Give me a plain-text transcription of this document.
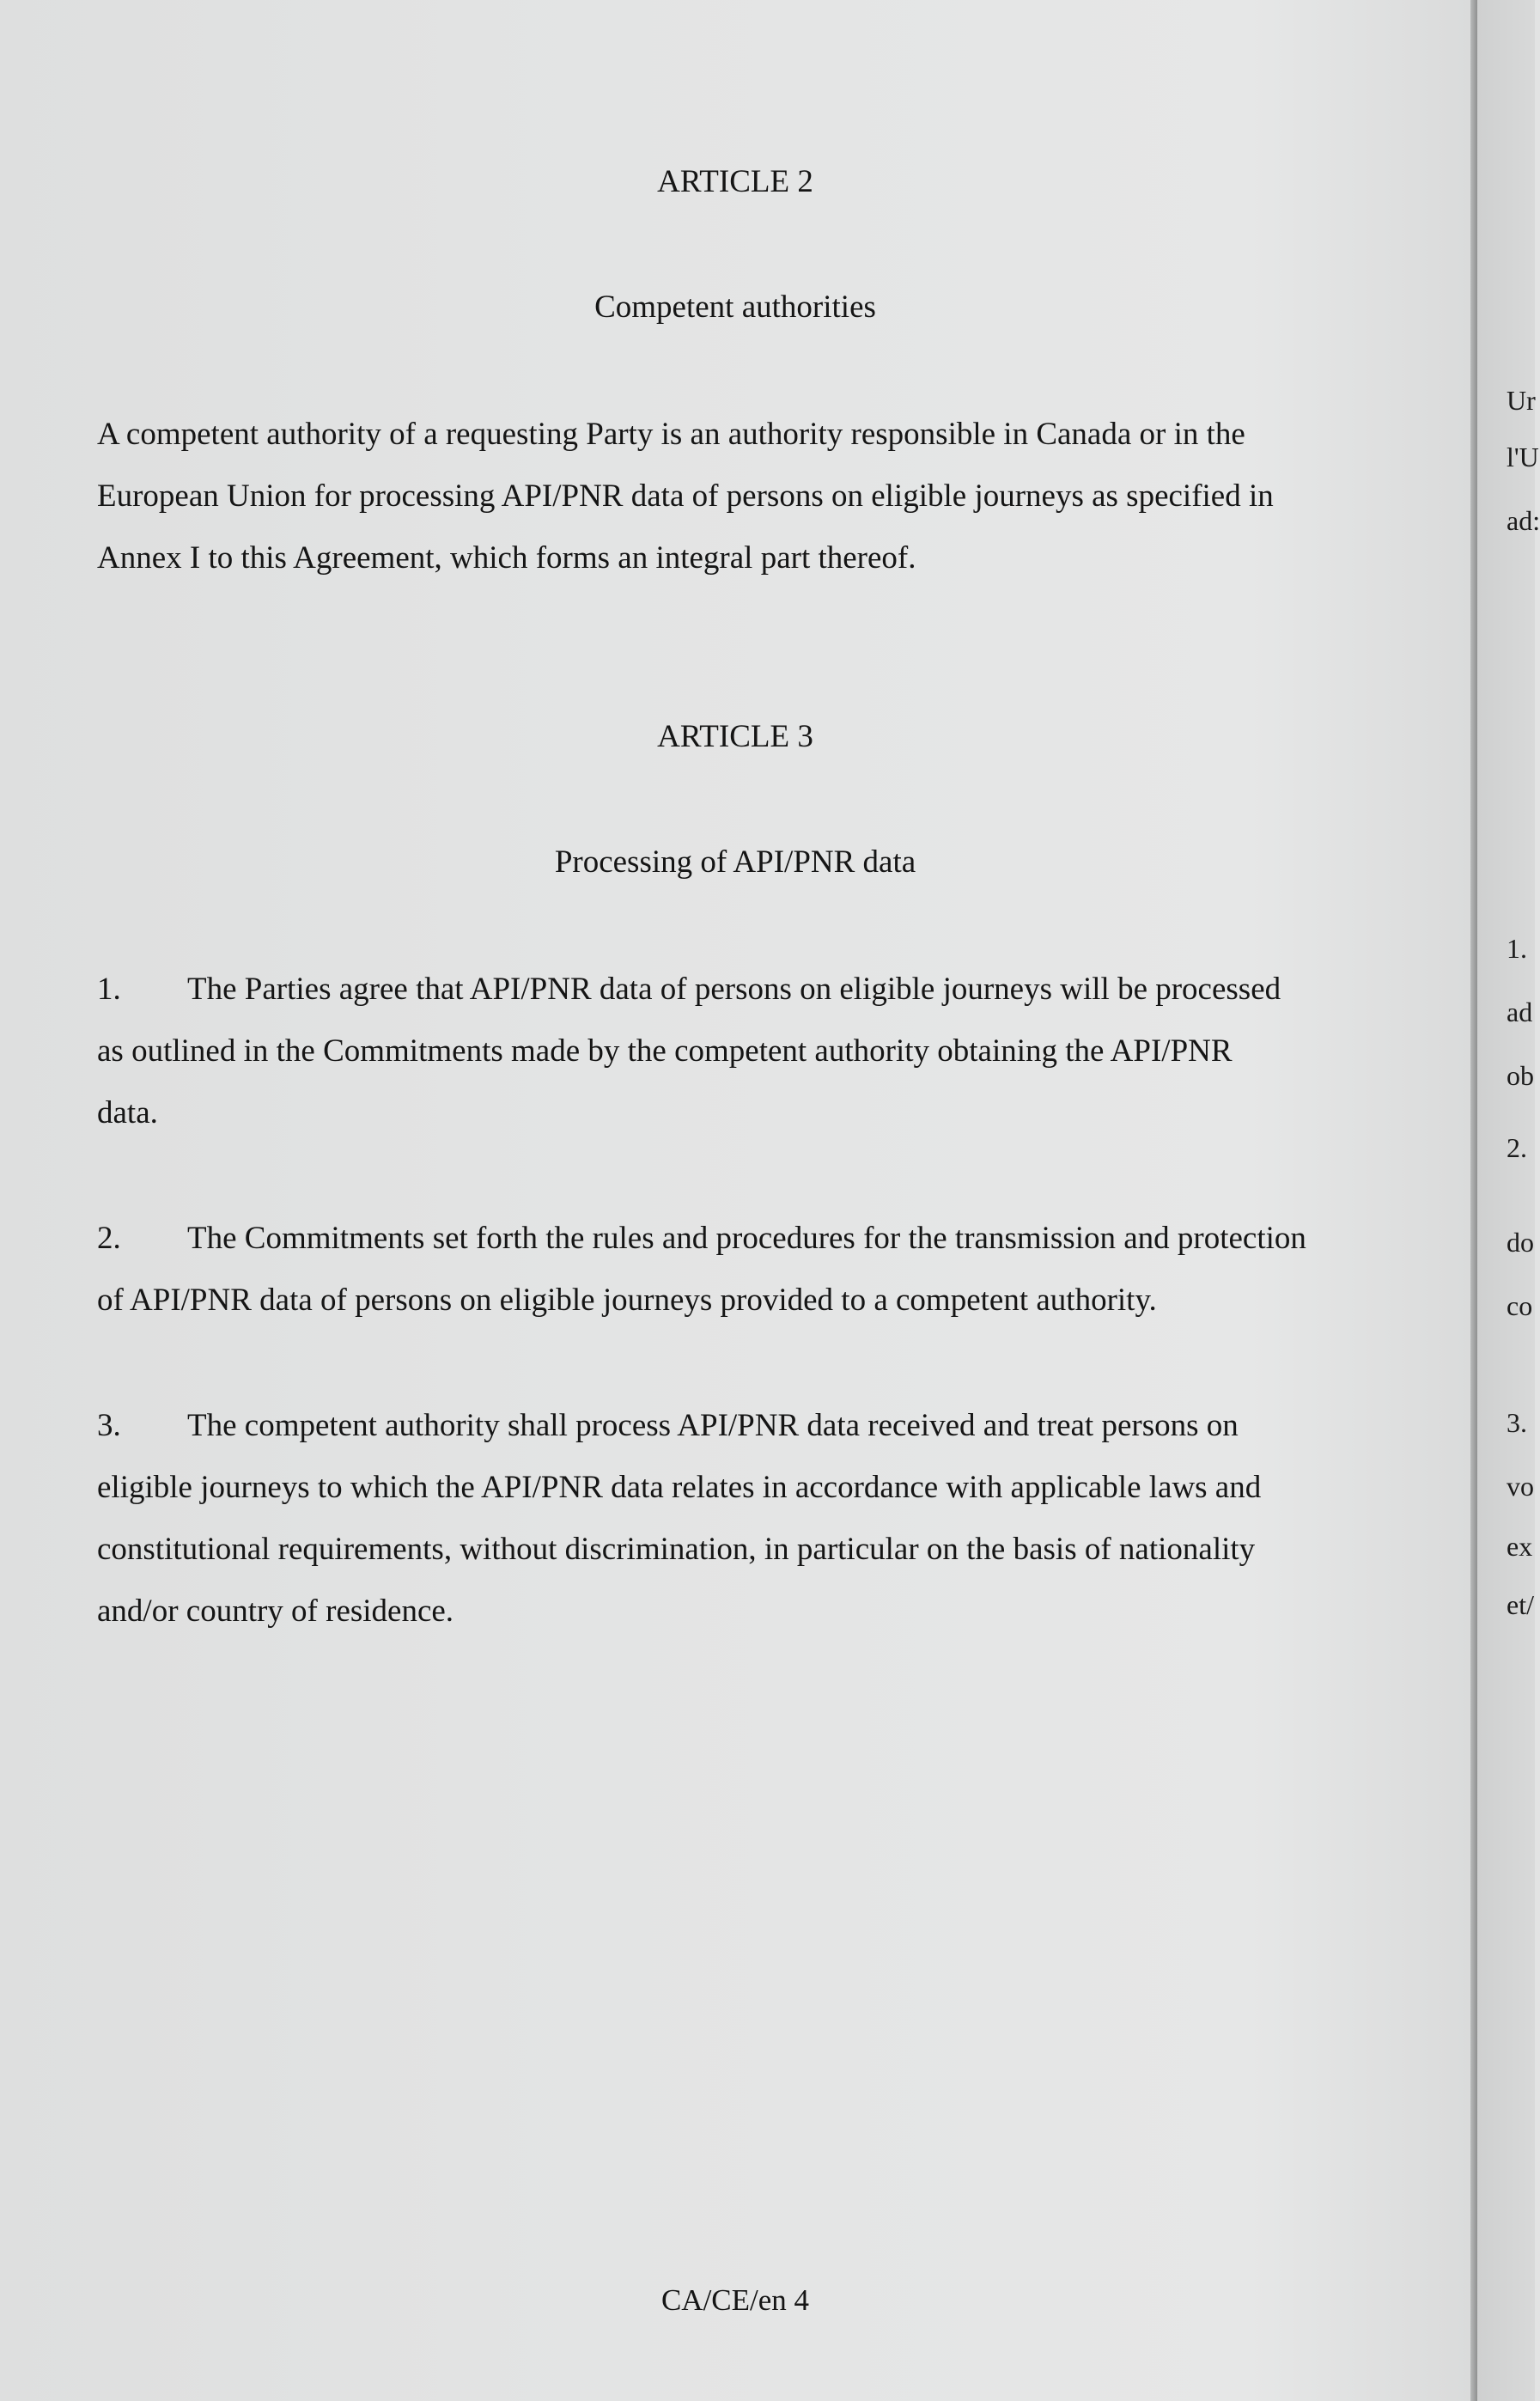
ARTICLE 2
Competent authorities
A competent authority of a requesting Party is an authority responsible in Canada or in the
European Union for processing API/PNR data of persons on eligible journeys as specified in
Annex I to this Agreement, which forms an integral part thereof.
ARTICLE 3
Processing of API/PNR data
1. The Parties agree that API/PNR data of persons on eligible journeys will be processed
as outlined in the Commitments made by the competent authority obtaining the API/PNR
data.
2. The Commitments set forth the rules and procedures for the transmission and protection
of API/PNR data of persons on eligible journeys provided to a competent authority.
3. The competent authority shall process API/PNR data received and treat persons on
eligible journeys to which the API/PNR data relates in accordance with applicable laws and
constitutional requirements, without discrimination, in particular on the basis of nationality
and/or country of residence.
CA/CE/en 4
Ur
l'U
ad:
1.
ad
ob
2.
do
co
3.
vo
ex
et/
